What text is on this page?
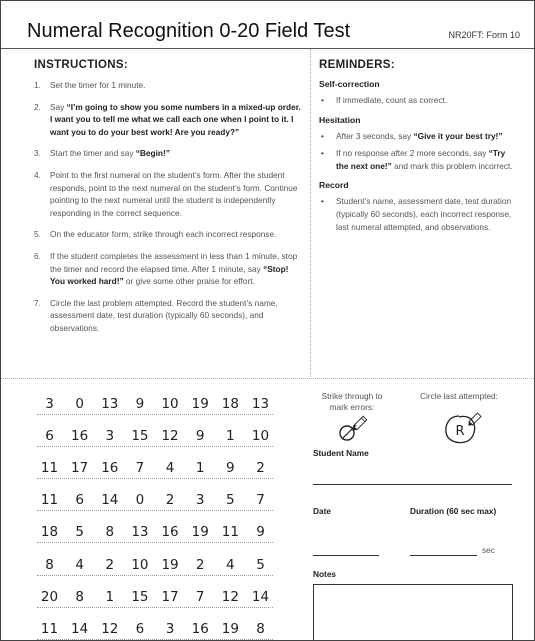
Numeral Recognition 0-20 Field Test	NR20FT: Form 10
INSTRUCTIONS:
1. Set the timer for 1 minute.
2. Say “I’m going to show you some numbers in a mixed-up order. I want you to tell me what we call each one when I point to it. I want you to do your best work! Are you ready?”
3. Start the timer and say “Begin!”
4. Point to the first numeral on the student’s form. After the student responds, point to the next numeral on the student’s form. Continue pointing to the next numeral until the student is independently responding in the correct sequence.
5. On the educator form, strike through each incorrect response.
6. If the student completes the assessment in less than 1 minute, stop the timer and record the elapsed time. After 1 minute, say “Stop! You worked hard!” or give some other praise for effort.
7. Circle the last problem attempted. Record the student’s name, assessment date, test duration (typically 60 seconds), and observations.
REMINDERS:
Self-correction
• If immediate, count as correct.
Hesitation
• After 3 seconds, say “Give it your best try!”
• If no response after 2 more seconds, say “Try the next one!” and mark this problem incorrect.
Record
• Student’s name, assessment date, test duration (typically 60 seconds), each incorrect response, last numeral attempted, and observations.
3	0	13	9	10 19 18 13
6	16	3	15 12	9	1	10
11 17 16	7	4	1	9	2
11	6	14	0	2	3	5	7
18	5	8	13 16 19 11	9
8	4	2	10 19	2	4	5
20	8	1	15 17	7	12 14
11 14 12	6	3	16 19	8
Strike through to mark errors:
Circle last attempted:
R
Student Name
Date	Duration (60 sec max)
sec
Notes
